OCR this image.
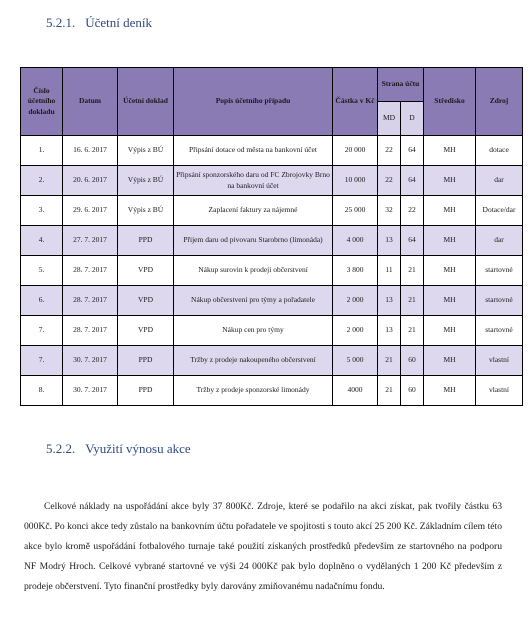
5.2.1. Účetní deník
Číslo účetního dokladu	Datum	Účetní doklad	Popis účetního případu	Částka v Kč	Strana účtu		Středisko	Zdroj
					MD	D		
1.	16. 6. 2017	Výpis z BÚ	Připsání dotace od města na bankovní účet	20 000	22	64	MH	dotace
2.	20. 6. 2017	Výpis z BÚ	Připsání sponzorského daru od FC Zbrojovky Brno na bankovní účet	10 000	22	64	MH	dar
3.	29. 6. 2017	Výpis z BÚ	Zaplacení faktury za nájemné	25 000	32	22	MH	Dotace/dar
4.	27. 7. 2017	PPD	Přijem daru od pivovaru Starobrno (limonáda)	4 000	13	64	MH	dar
5.	28. 7. 2017	VPD	Nákup surovin k prodeji občerstvení	3 800	11	21	MH	startovné
6.	28. 7. 2017	VPD	Nákup občerstvení pro týmy a pořadatele	2 000	13	21	MH	startovné
7.	28. 7. 2017	VPD	Nákup cen pro týmy	2 000	13	21	MH	startovné
7.	30. 7. 2017	PPD	Tržby z prodeje nakoupeného občerstvení	5 000	21	60	MH	vlastní
8.	30. 7. 2017	PPD	Tržby z prodeje sponzorské limonády	4000	21	60	MH	vlastní
5.2.2. Využití výnosu akce

Celkové náklady na uspořádání akce byly 37 800Kč. Zdroje, které se podařilo na akci získat, pak tvořily částku 63 000Kč. Po konci akce tedy zůstalo na bankovním účtu pořadatele ve spojitosti s touto akcí 25 200 Kč. Základním cílem této akce bylo kromě uspořádání fotbalového turnaje také použití získaných prostředků především ze startovného na podporu NF Modrý Hroch. Celkové vybrané startovné ve výši 24 000Kč pak bylo doplněno o vydělaných 1 200 Kč především z prodeje občerstvení. Tyto finanční prostředky byly darovány zmiňovanému nadačnímu fondu.
